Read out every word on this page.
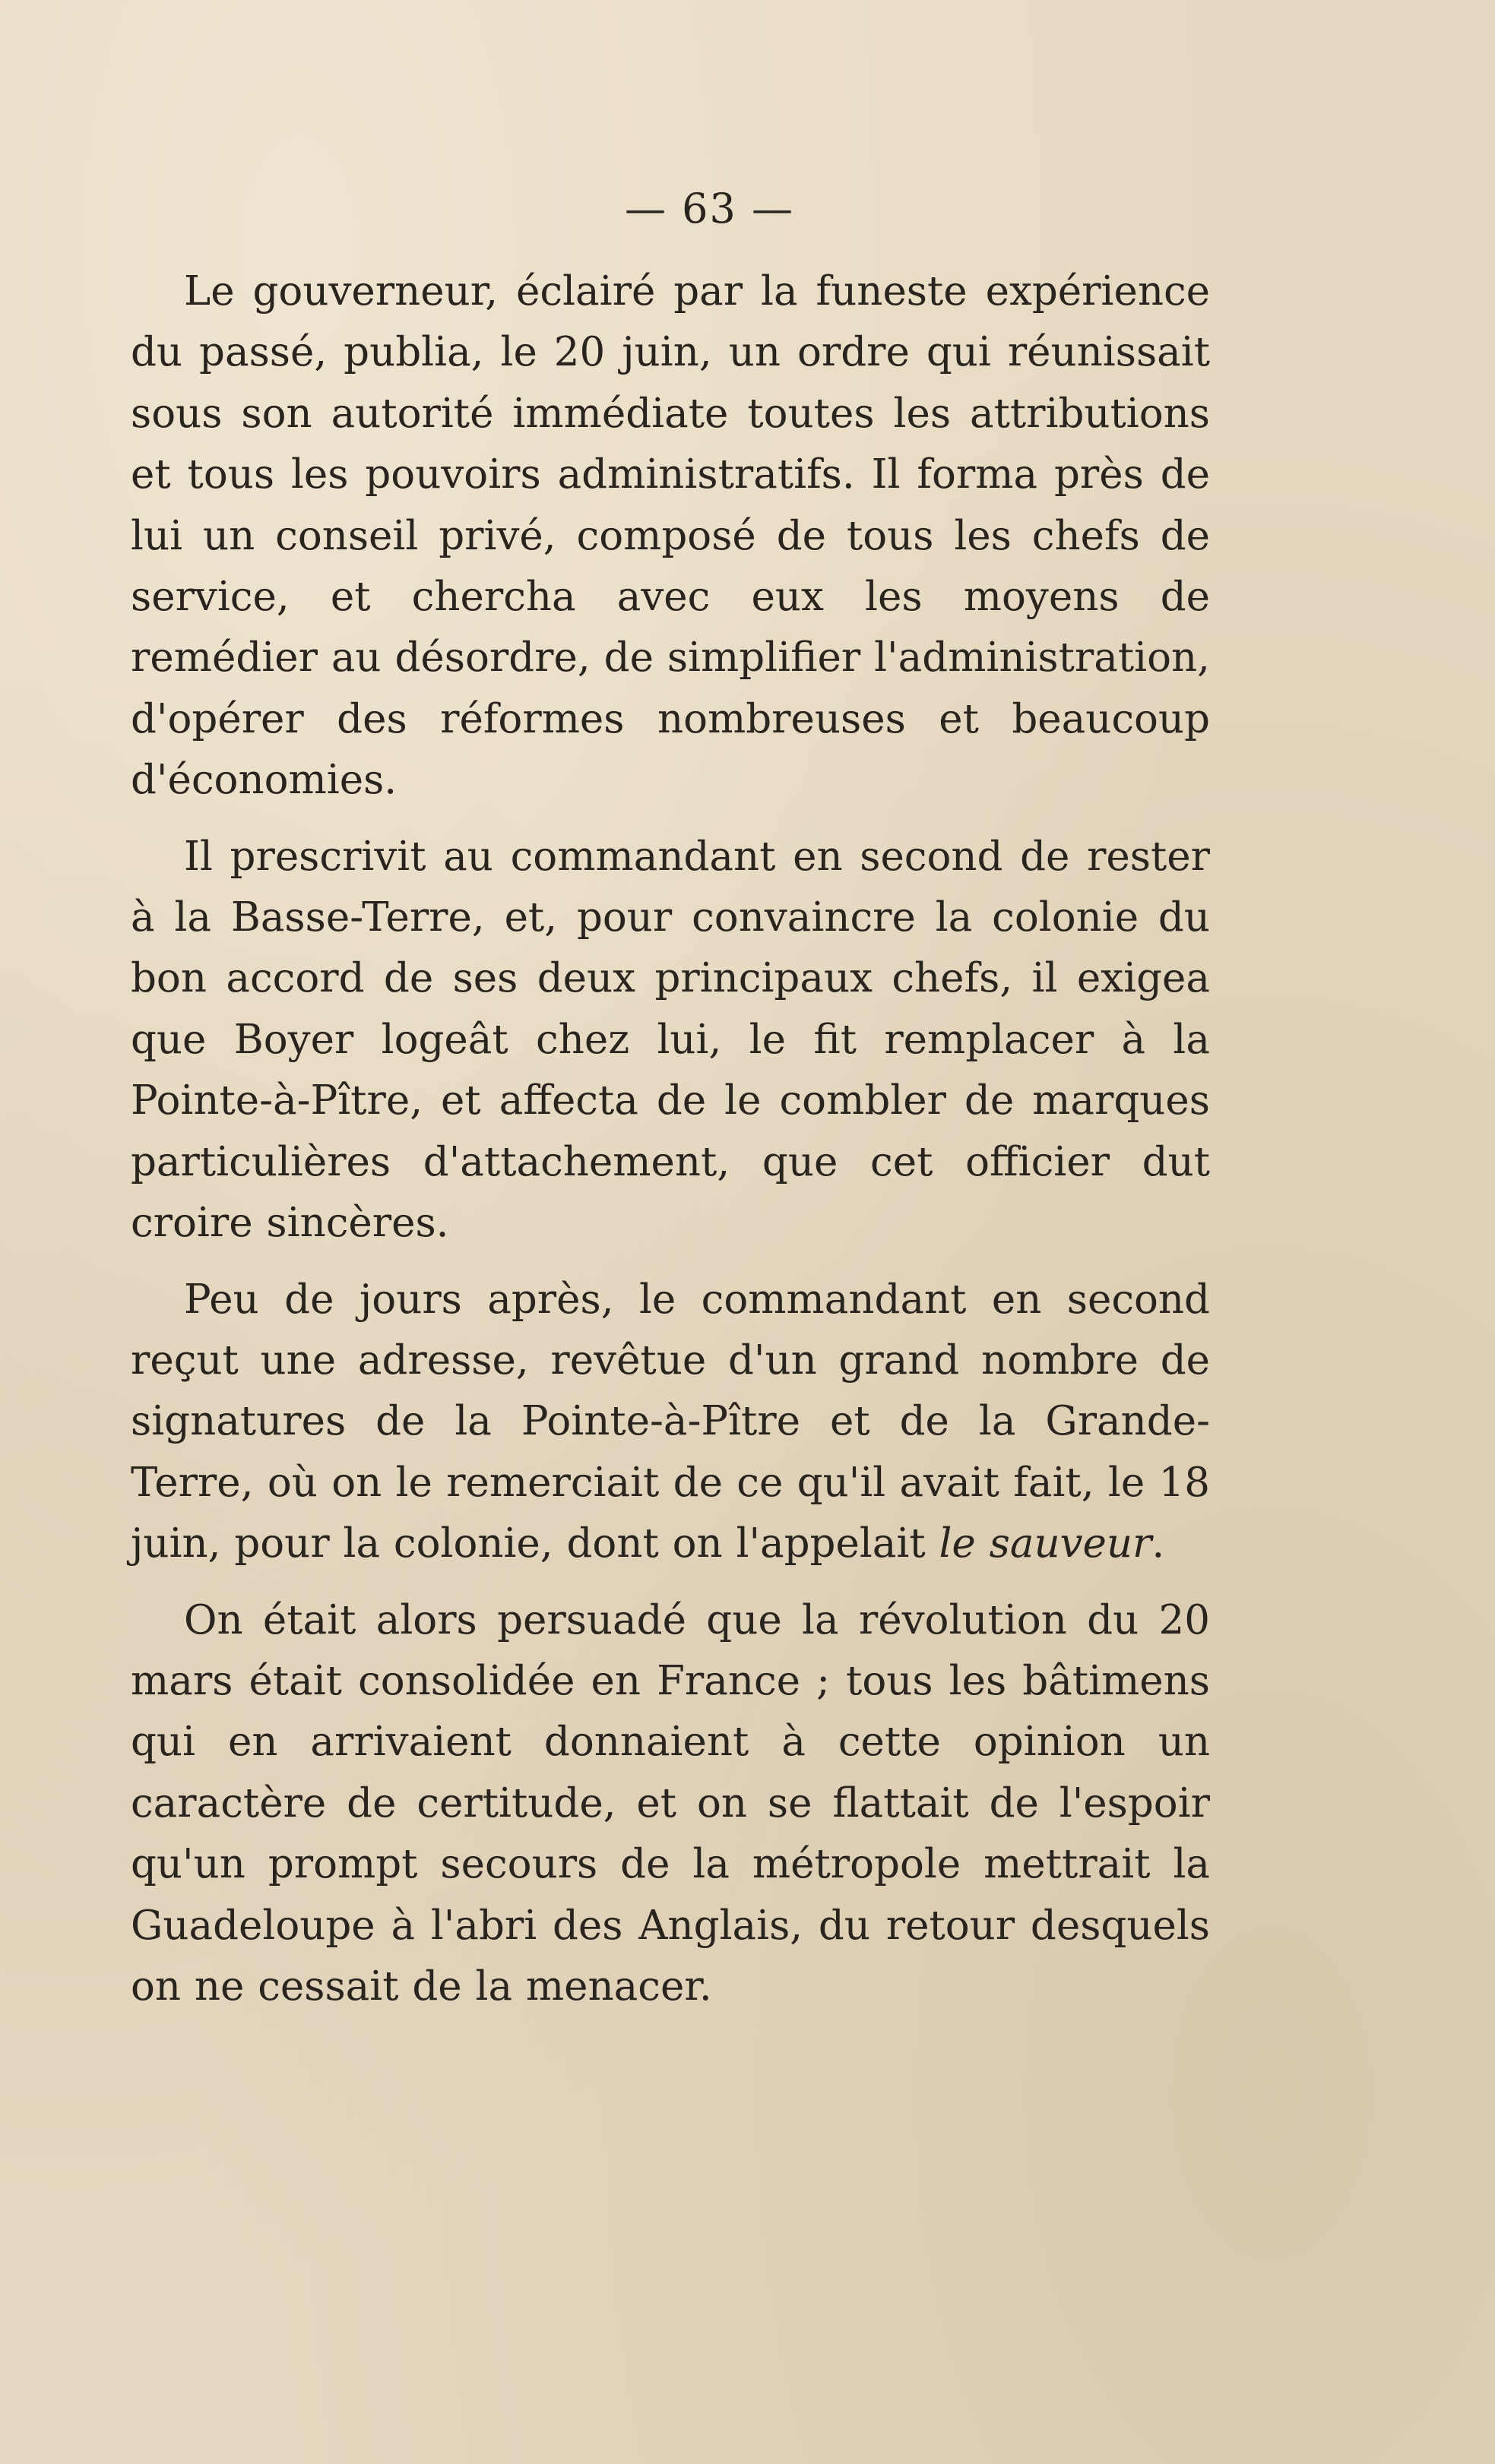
— 63 —

Le gouverneur, éclairé par la funeste expérience du passé, publia, le 20 juin, un ordre qui réunissait sous son autorité immédiate toutes les attributions et tous les pouvoirs administratifs. Il forma près de lui un conseil privé, composé de tous les chefs de service, et chercha avec eux les moyens de remédier au désordre, de simplifier l'administration, d'opérer des réformes nombreuses et beaucoup d'économies.

Il prescrivit au commandant en second de rester à la Basse-Terre, et, pour convaincre la colonie du bon accord de ses deux principaux chefs, il exigea que Boyer logeât chez lui, le fit remplacer à la Pointe-à-Pître, et affecta de le combler de marques particulières d'attachement, que cet officier dut croire sincères.

Peu de jours après, le commandant en second reçut une adresse, revêtue d'un grand nombre de signatures de la Pointe-à-Pître et de la Grande-Terre, où on le remerciait de ce qu'il avait fait, le 18 juin, pour la colonie, dont on l'appelait le sauveur.

On était alors persuadé que la révolution du 20 mars était consolidée en France ; tous les bâtimens qui en arrivaient donnaient à cette opinion un caractère de certitude, et on se flattait de l'espoir qu'un prompt secours de la métropole mettrait la Guadeloupe à l'abri des Anglais, du retour desquels on ne cessait de la menacer.
